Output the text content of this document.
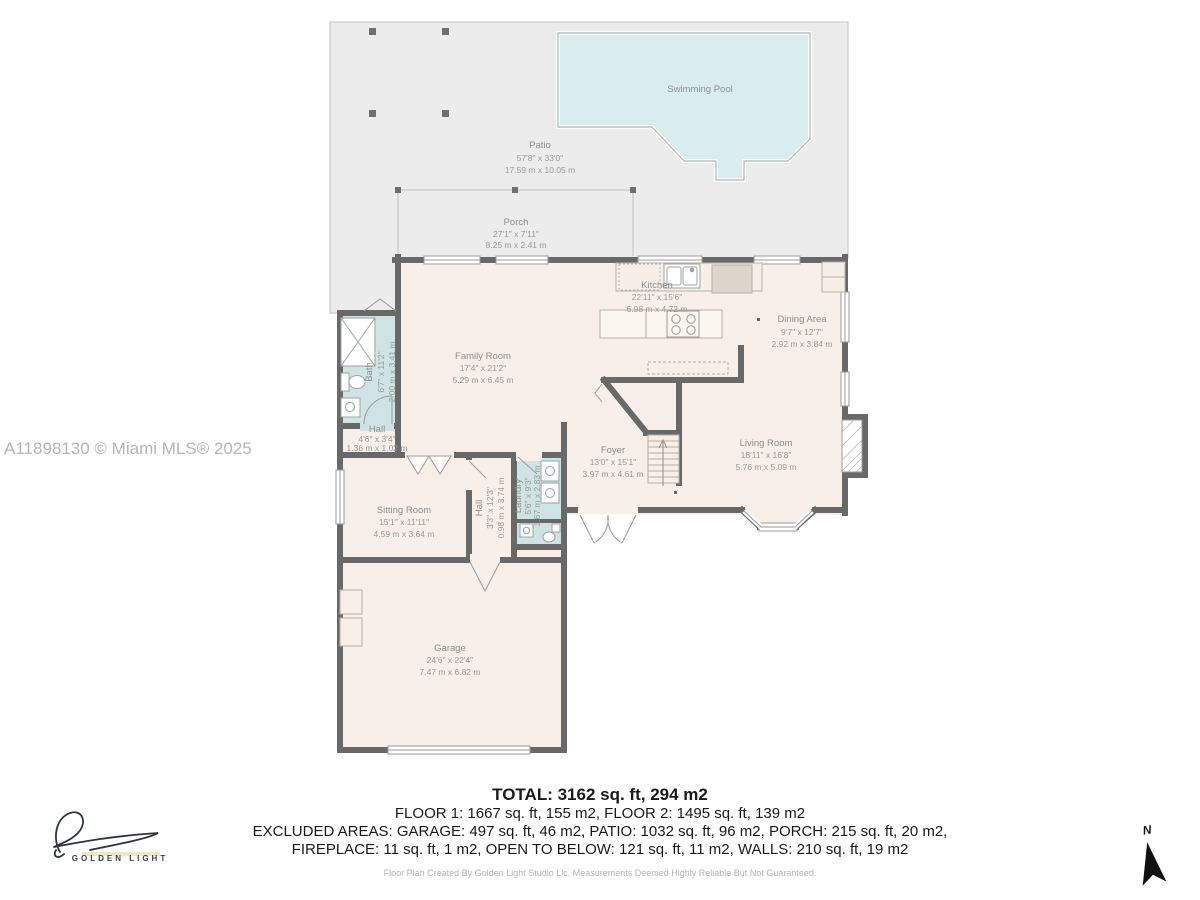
Swimming Pool
Patio
57'8" x 33'0"
17.59 m x 10.05 m
Porch
27'1" x 7'11"
8.25 m x 2.41 m
Kitchen
22'11" x 15'6"
6.98 m x 4.72 m
Dining Area
9'7" x 12'7"
2.92 m x 3.84 m
Family Room
17'4" x 21'2"
5.29 m x 6.45 m
Bath 6'7" x 11'2" 2.00 m x 3.41 m
Hall
4'6" x 3'4"
1.36 m x 1.02 m	Foyer
13'0" x 15'1"
3.97 m x 4.61 m
Living Room
18'11" x 16'8"
5.76 m x 5.09 m
Sitting Room
15'1" x 11'11"
4.59 m x 3.64 m
Hall 3'3" x 12'3" 0.98 m x 3.74 m Laundry 5'6" x 9'3" 1.67 m x 2.83 m
Garage
24'6" x 22'4"
7.47 m x 6.82 m
A11898130 © Miami MLS® 2025
GOLDEN LIGHT
N
TOTAL: 3162 sq. ft, 294 m2
FLOOR 1: 1667 sq. ft, 155 m2, FLOOR 2: 1495 sq. ft, 139 m2
EXCLUDED AREAS: GARAGE: 497 sq. ft, 46 m2, PATIO: 1032 sq. ft, 96 m2, PORCH: 215 sq. ft, 20 m2,
FIREPLACE: 11 sq. ft, 1 m2, OPEN TO BELOW: 121 sq. ft, 11 m2, WALLS: 210 sq. ft, 19 m2
Floor Plan Created By Golden Light Studio Llc. Measurements Deemed Highly Reliable But Not Guaranteed.
